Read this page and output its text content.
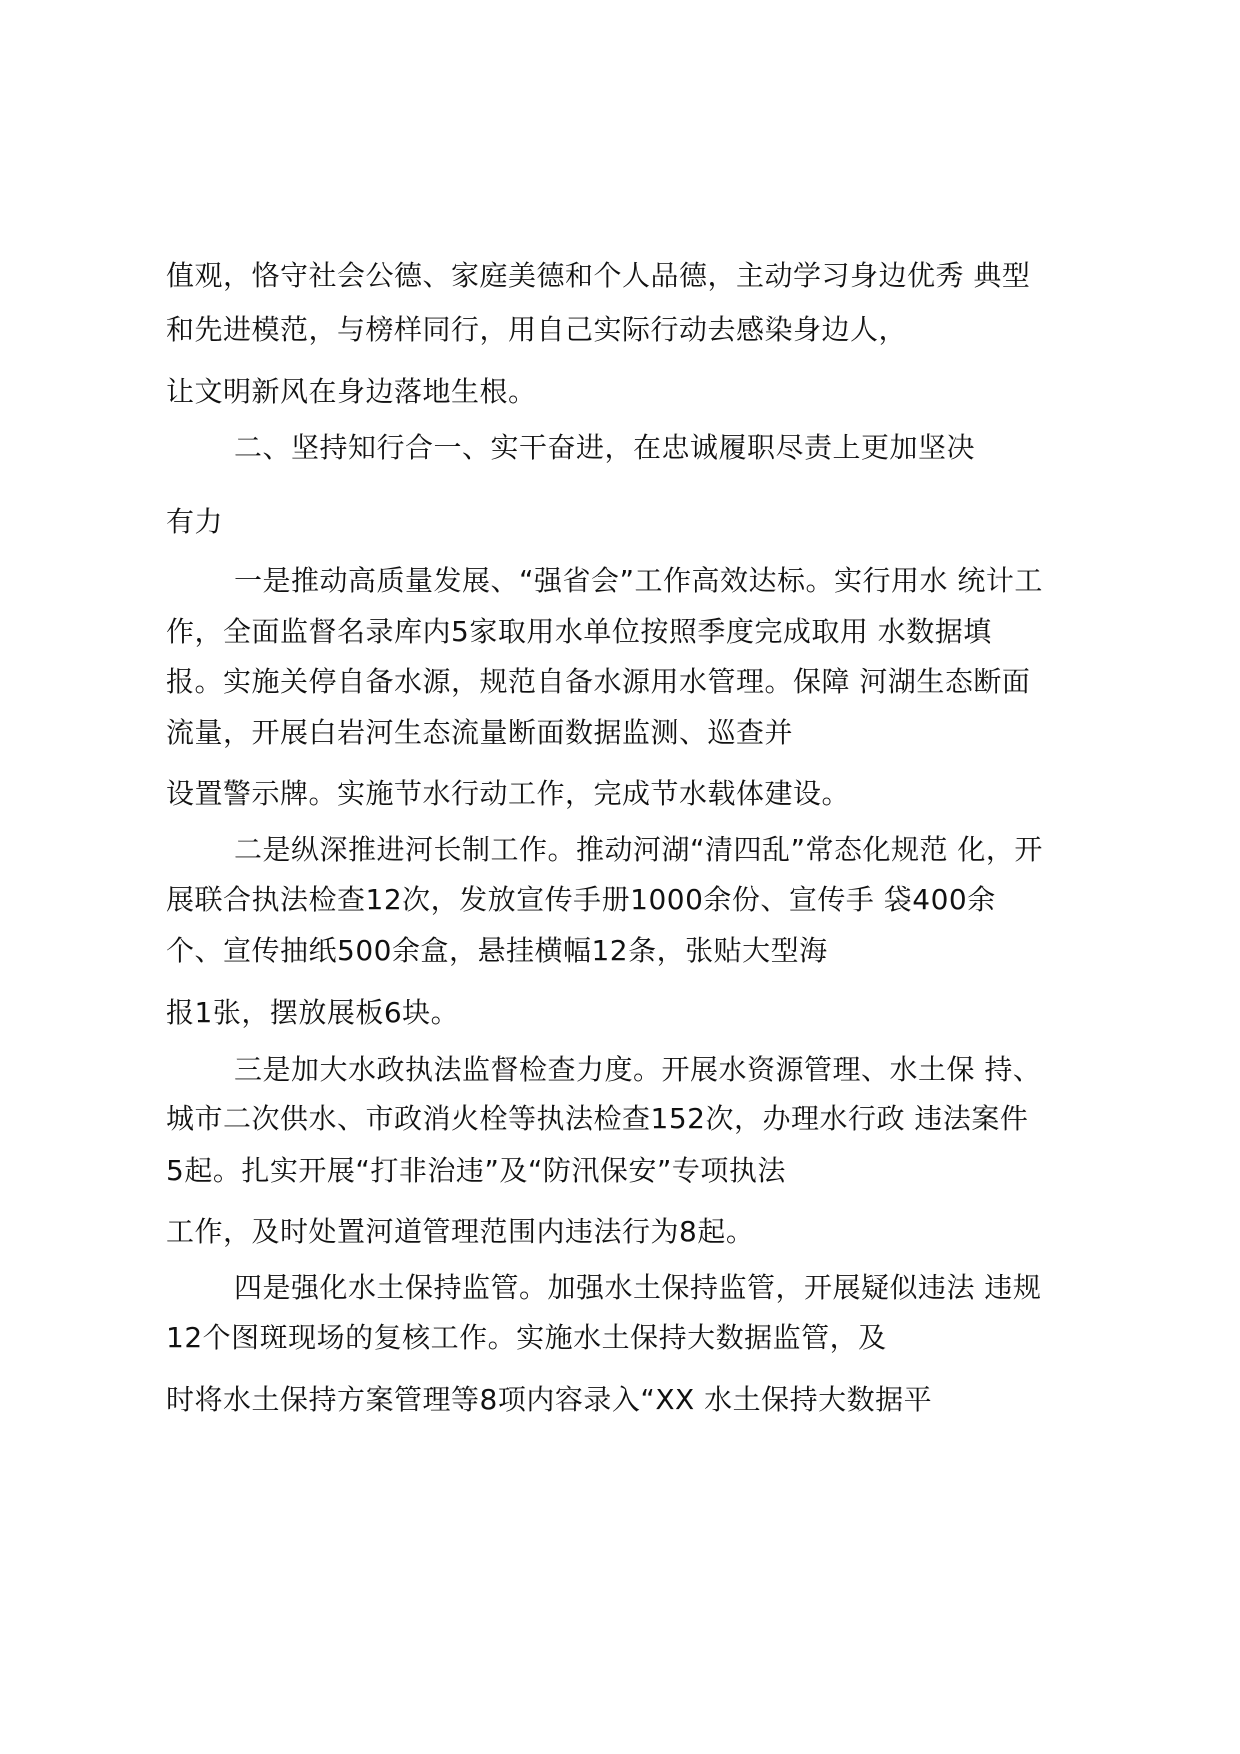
值观，恪守社会公德、家庭美德和个人品德，主动学习身边优秀 典型
和先进模范，与榜样同行，用自己实际行动去感染身边人，
让文明新风在身边落地生根。
二、坚持知行合一、实干奋进，在忠诚履职尽责上更加坚决
有力
一是推动高质量发展、“强省会”工作高效达标。实行用水 统计工
作，全面监督名录库内5家取用水单位按照季度完成取用 水数据填
报。实施关停自备水源，规范自备水源用水管理。保障 河湖生态断面
流量，开展白岩河生态流量断面数据监测、巡查并
设置警示牌。实施节水行动工作，完成节水载体建设。
二是纵深推进河长制工作。推动河湖“清四乱”常态化规范 化，开
展联合执法检查12次，发放宣传手册1000余份、宣传手 袋400余
个、宣传抽纸500余盒，悬挂横幅12条，张贴大型海
报1张，摆放展板6块。
三是加大水政执法监督检查力度。开展水资源管理、水土保 持、
城市二次供水、市政消火栓等执法检查152次，办理水行政 违法案件
5起。扎实开展“打非治违”及“防汛保安”专项执法
工作，及时处置河道管理范围内违法行为8起。
四是强化水土保持监管。加强水土保持监管，开展疑似违法 违规
12个图斑现场的复核工作。实施水土保持大数据监管，及
时将水土保持方案管理等8项内容录入“XX 水土保持大数据平
